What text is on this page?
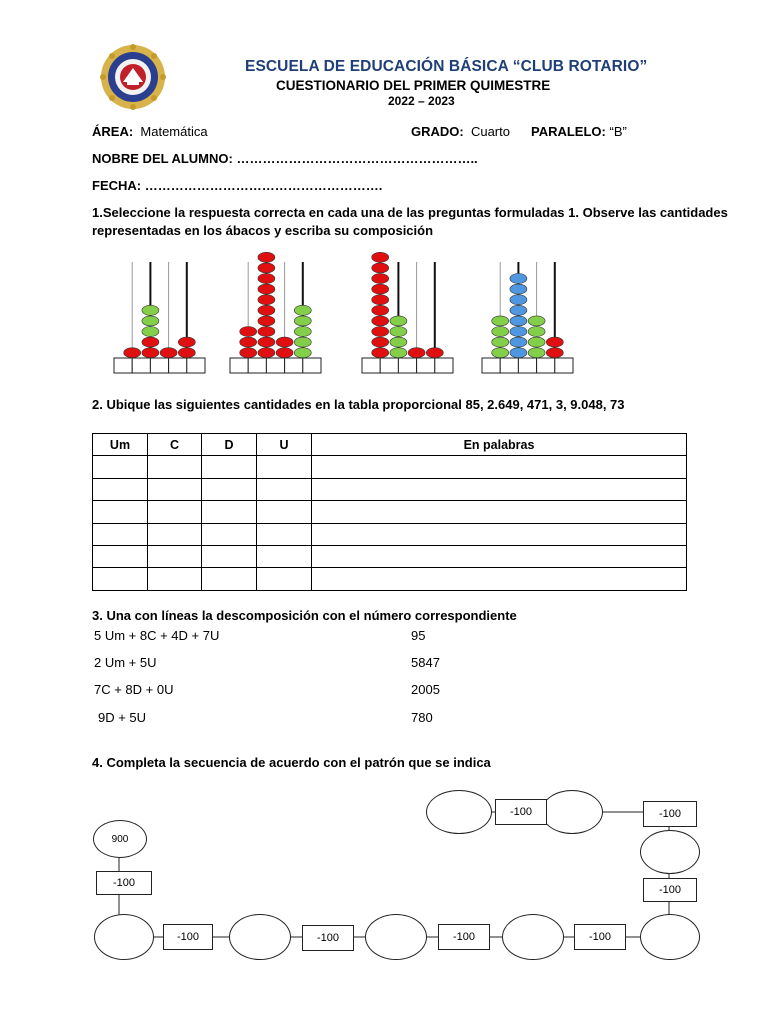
ESCUELA DE EDUCACIÓN BÁSICA “CLUB ROTARIO”
CUESTIONARIO DEL PRIMER QUIMESTRE
2022 – 2023
ÁREA: Matemática	GRADO: Cuarto PARALELO: “B”
NOBRE DEL ALUMNO: ………………………………………………..
FECHA: ……………………………………………….
1.Seleccione la respuesta correcta en cada una de las preguntas formuladas 1. Observe las cantidades
representadas en los ábacos y escriba su composición
2. Ubique las siguientes cantidades en la tabla proporcional 85, 2.649, 471, 3, 9.048, 73
Um	C	D	U	En palabras

3. Una con líneas la descomposición con el número correspondiente
5 Um + 8C + 4D + 7U	95
2 Um + 5U	5847
7C + 8D + 0U	2005
9D + 5U	780
4. Completa la secuencia de acuerdo con el patrón que se indica
900
-100
-100	-100	-100	-100
-100
-100
-100
